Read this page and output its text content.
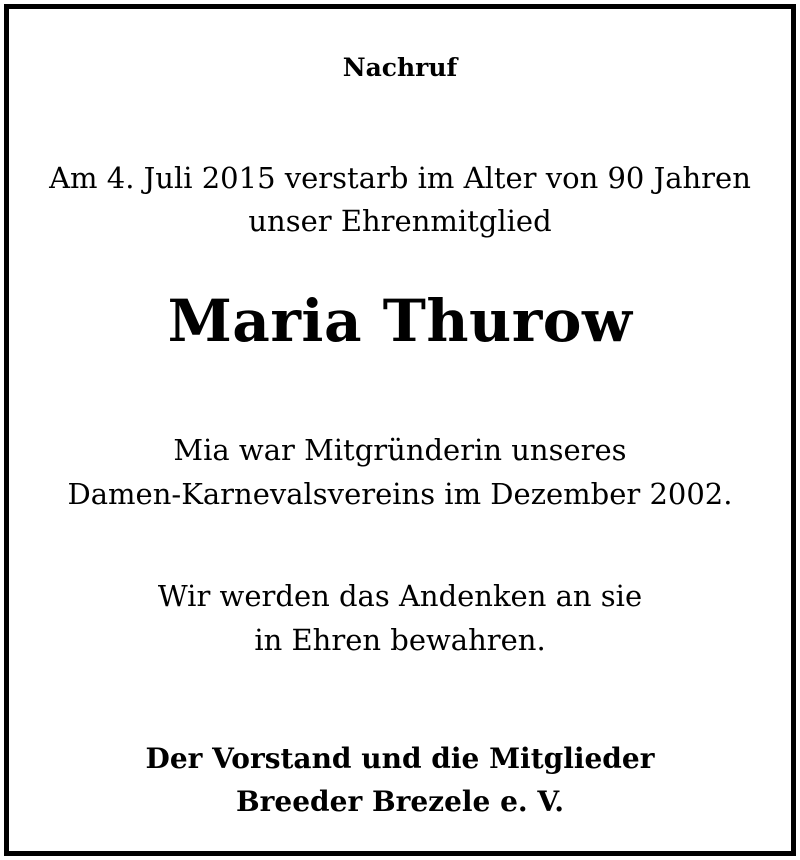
Nachruf
Am 4. Juli 2015 verstarb im Alter von 90 Jahren
unser Ehrenmitglied
Maria Thurow
Mia war Mitgründerin unseres
Damen-Karnevalsvereins im Dezember 2002.
Wir werden das Andenken an sie
in Ehren bewahren.
Der Vorstand und die Mitglieder
Breeder Brezele e. V.
